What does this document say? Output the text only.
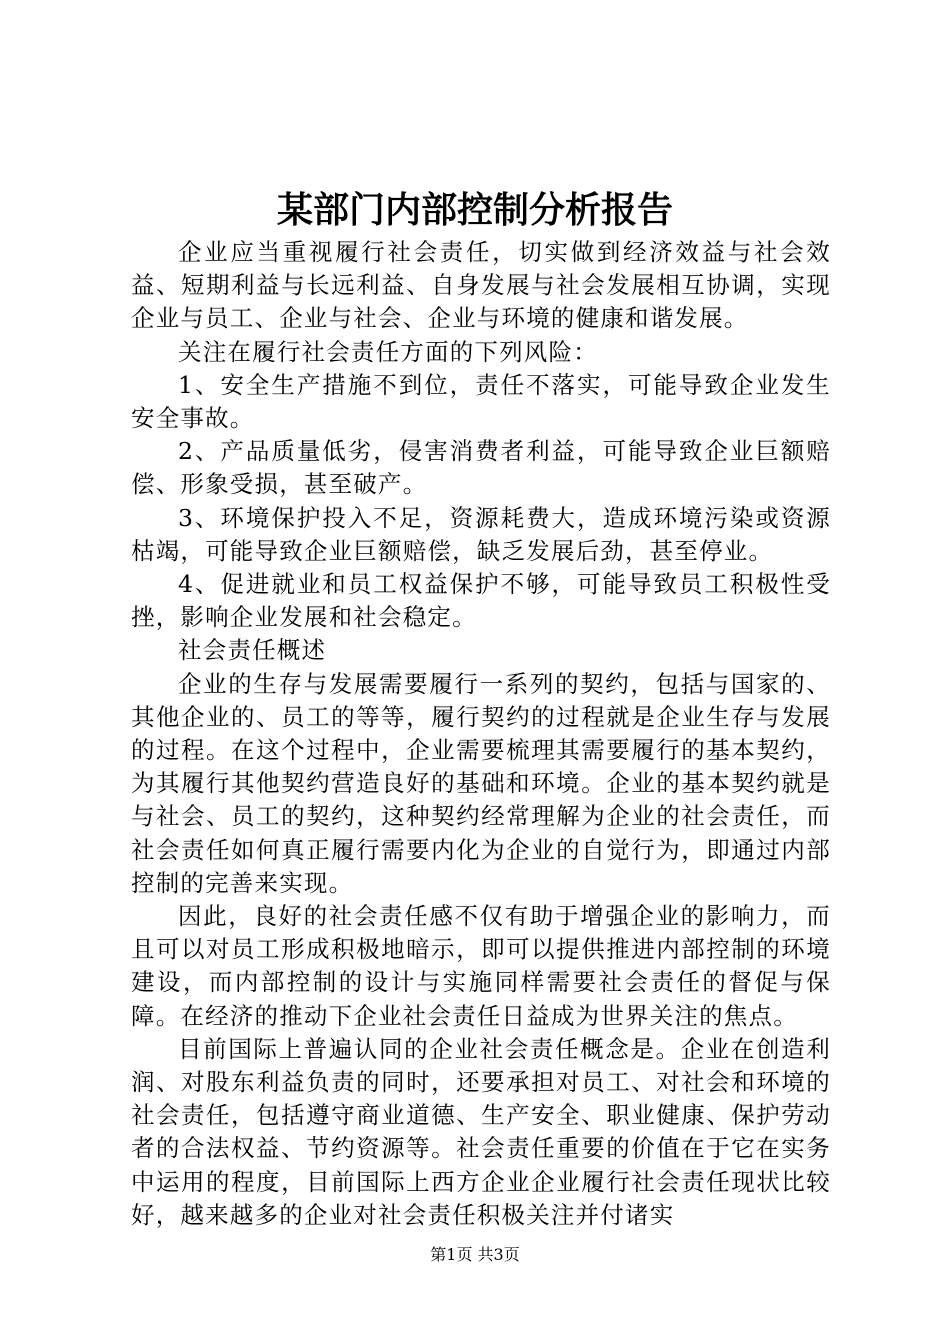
某部门内部控制分析报告

企业应当重视履行社会责任，切实做到经济效益与社会效益、短期利益与长远利益、自身发展与社会发展相互协调，实现企业与员工、企业与社会、企业与环境的健康和谐发展。

关注在履行社会责任方面的下列风险：

1、安全生产措施不到位，责任不落实，可能导致企业发生安全事故。

2、产品质量低劣，侵害消费者利益，可能导致企业巨额赔偿、形象受损，甚至破产。

3、环境保护投入不足，资源耗费大，造成环境污染或资源枯竭，可能导致企业巨额赔偿，缺乏发展后劲，甚至停业。

4、促进就业和员工权益保护不够，可能导致员工积极性受挫，影响企业发展和社会稳定。

社会责任概述

企业的生存与发展需要履行一系列的契约，包括与国家的、其他企业的、员工的等等，履行契约的过程就是企业生存与发展的过程。在这个过程中，企业需要梳理其需要履行的基本契约，为其履行其他契约营造良好的基础和环境。企业的基本契约就是与社会、员工的契约，这种契约经常理解为企业的社会责任，而社会责任如何真正履行需要内化为企业的自觉行为，即通过内部控制的完善来实现。

因此，良好的社会责任感不仅有助于增强企业的影响力，而且可以对员工形成积极地暗示，即可以提供推进内部控制的环境建设，而内部控制的设计与实施同样需要社会责任的督促与保障。在经济的推动下企业社会责任日益成为世界关注的焦点。

目前国际上普遍认同的企业社会责任概念是。企业在创造利润、对股东利益负责的同时，还要承担对员工、对社会和环境的社会责任，包括遵守商业道德、生产安全、职业健康、保护劳动者的合法权益、节约资源等。社会责任重要的价值在于它在实务中运用的程度，目前国际上西方企业企业履行社会责任现状比较好，越来越多的企业对社会责任积极关注并付诸实

第1页 共3页
